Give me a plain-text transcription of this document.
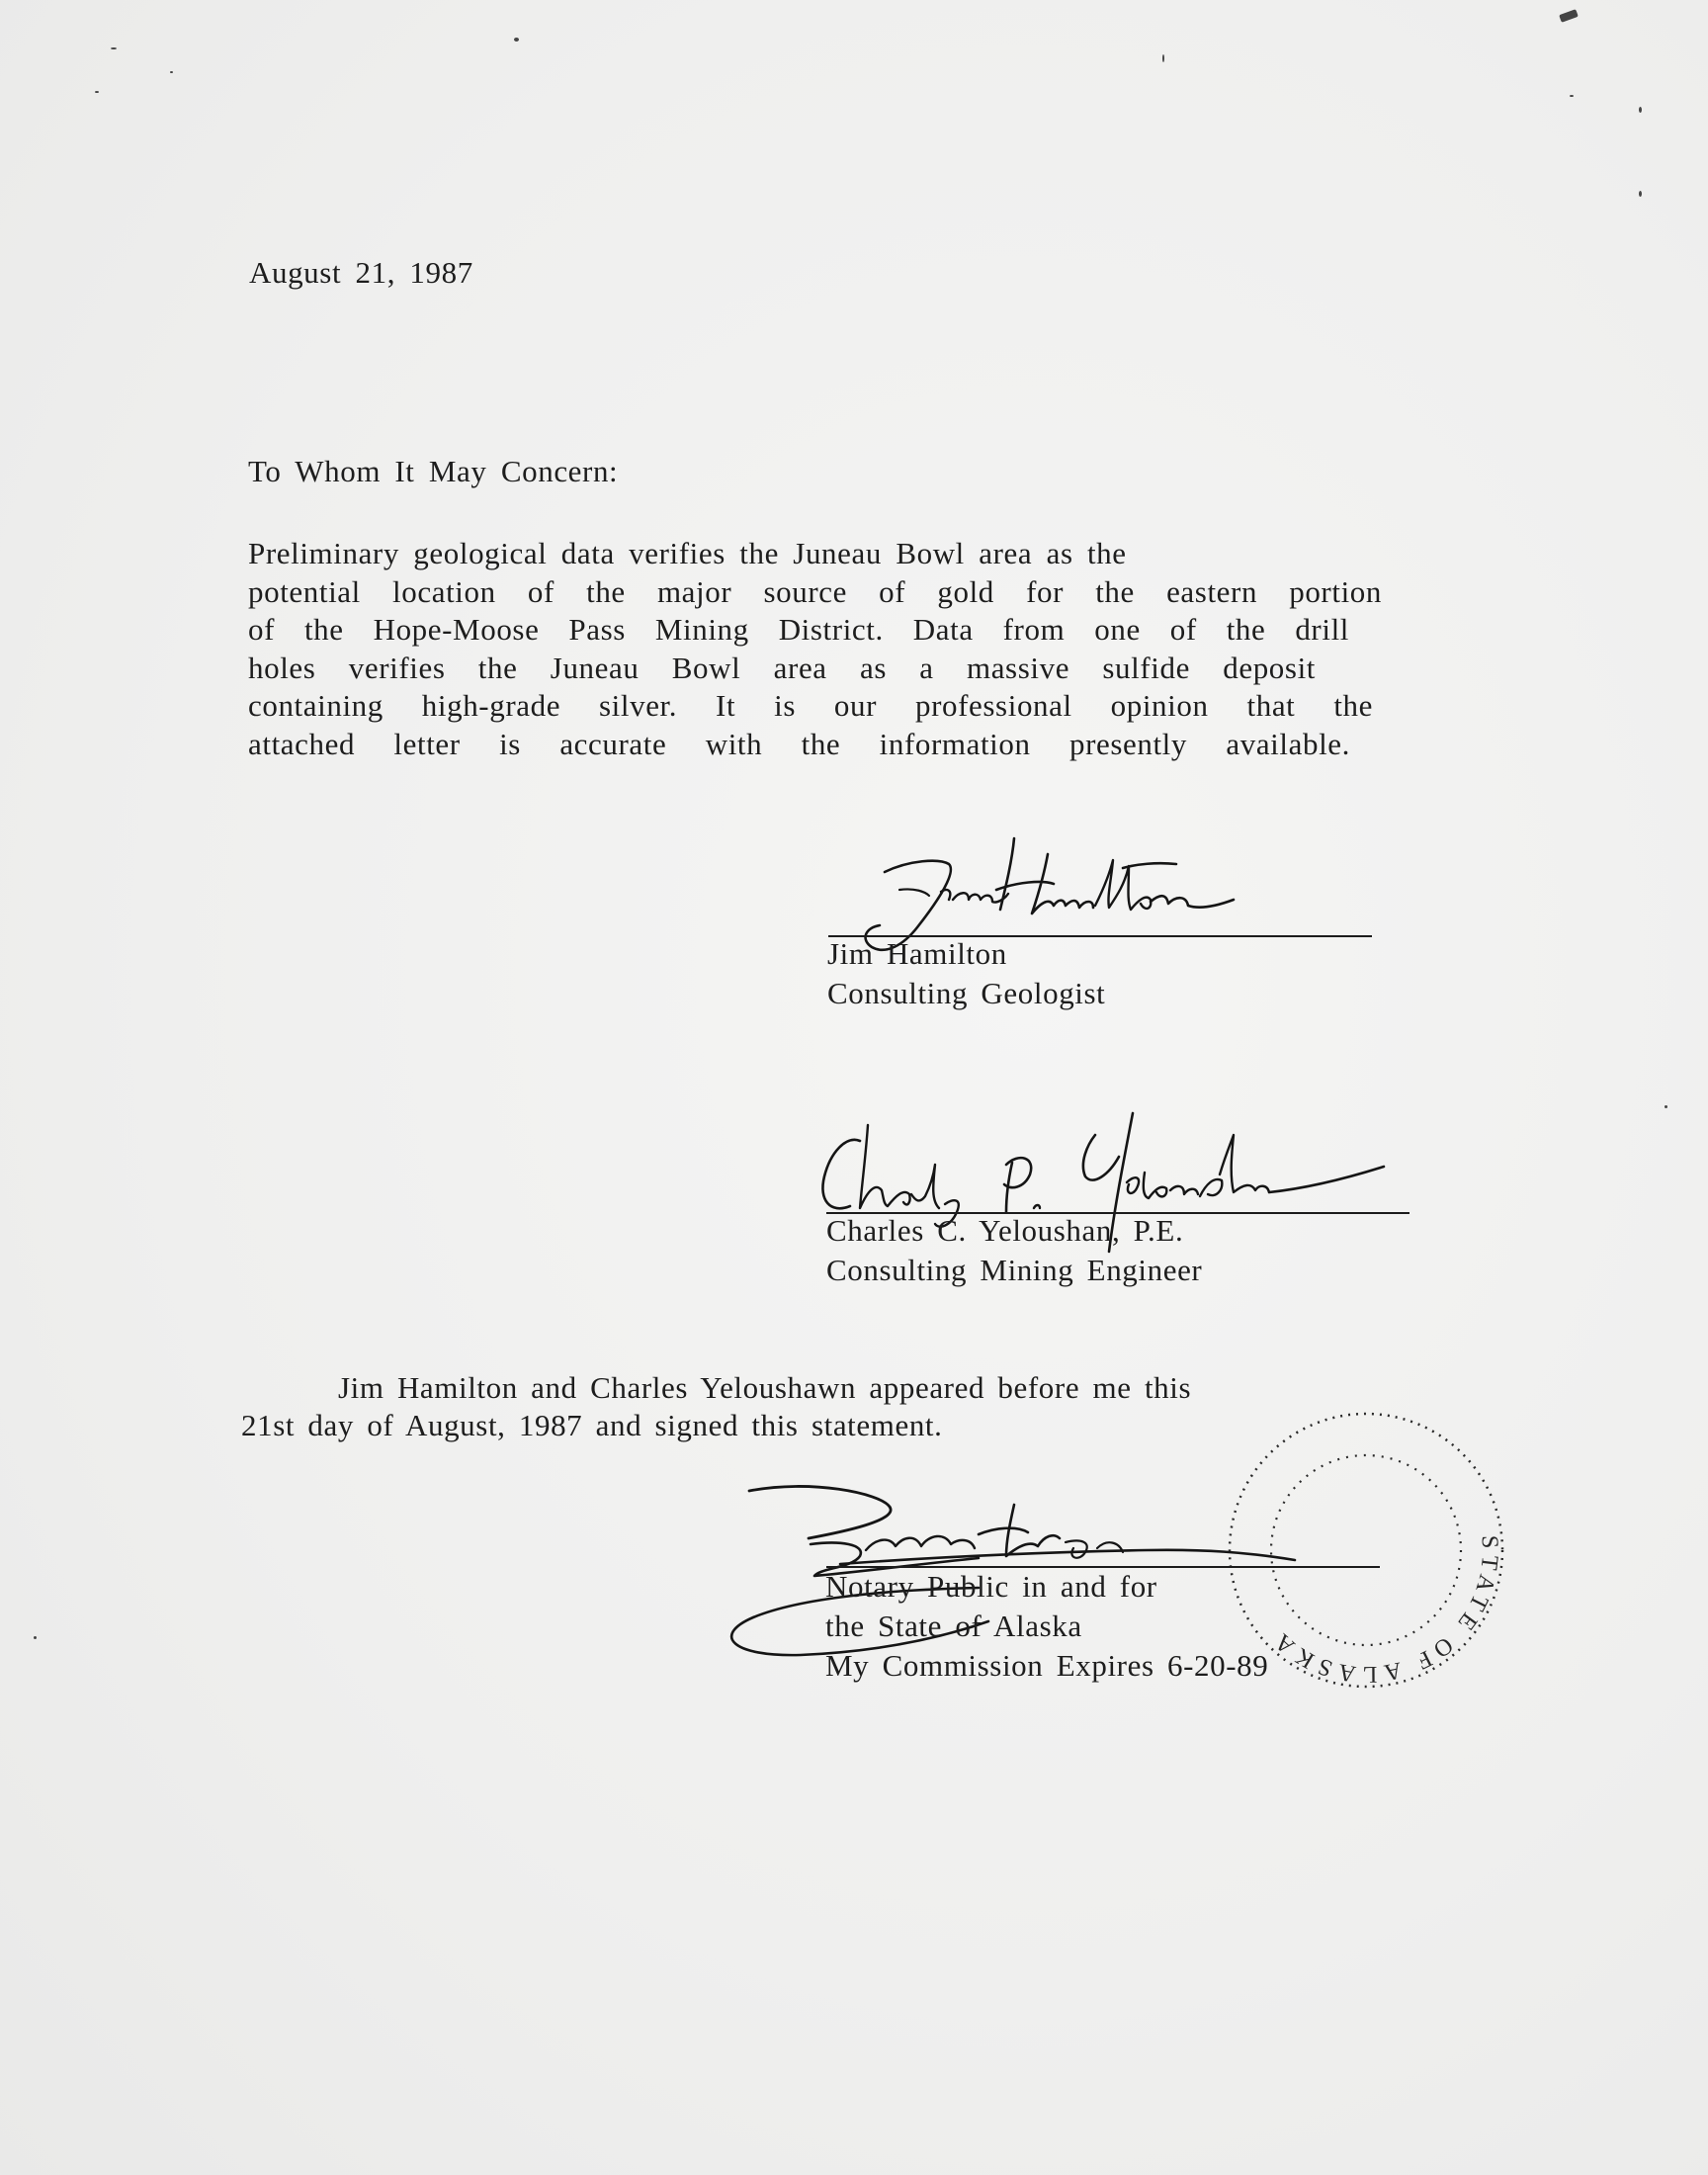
August 21, 1987
To Whom It May Concern:
Preliminary geological data verifies the Juneau Bowl area as the
potential location of the major source of gold for the eastern portion
of the Hope-Moose Pass Mining District. Data from one of the drill
holes verifies the Juneau Bowl area as a massive sulfide deposit
containing high-grade silver. It is our professional opinion that the
attached letter is accurate with the information presently available.
Jim Hamilton
Consulting Geologist
Charles C. Yeloushan, P.E.
Consulting Mining Engineer
Jim Hamilton and Charles Yeloushawn appeared before me this
21st day of August, 1987 and signed this statement.
STATE OF ALASKA
Notary Public in and for
the State of Alaska
My Commission Expires 6-20-89
